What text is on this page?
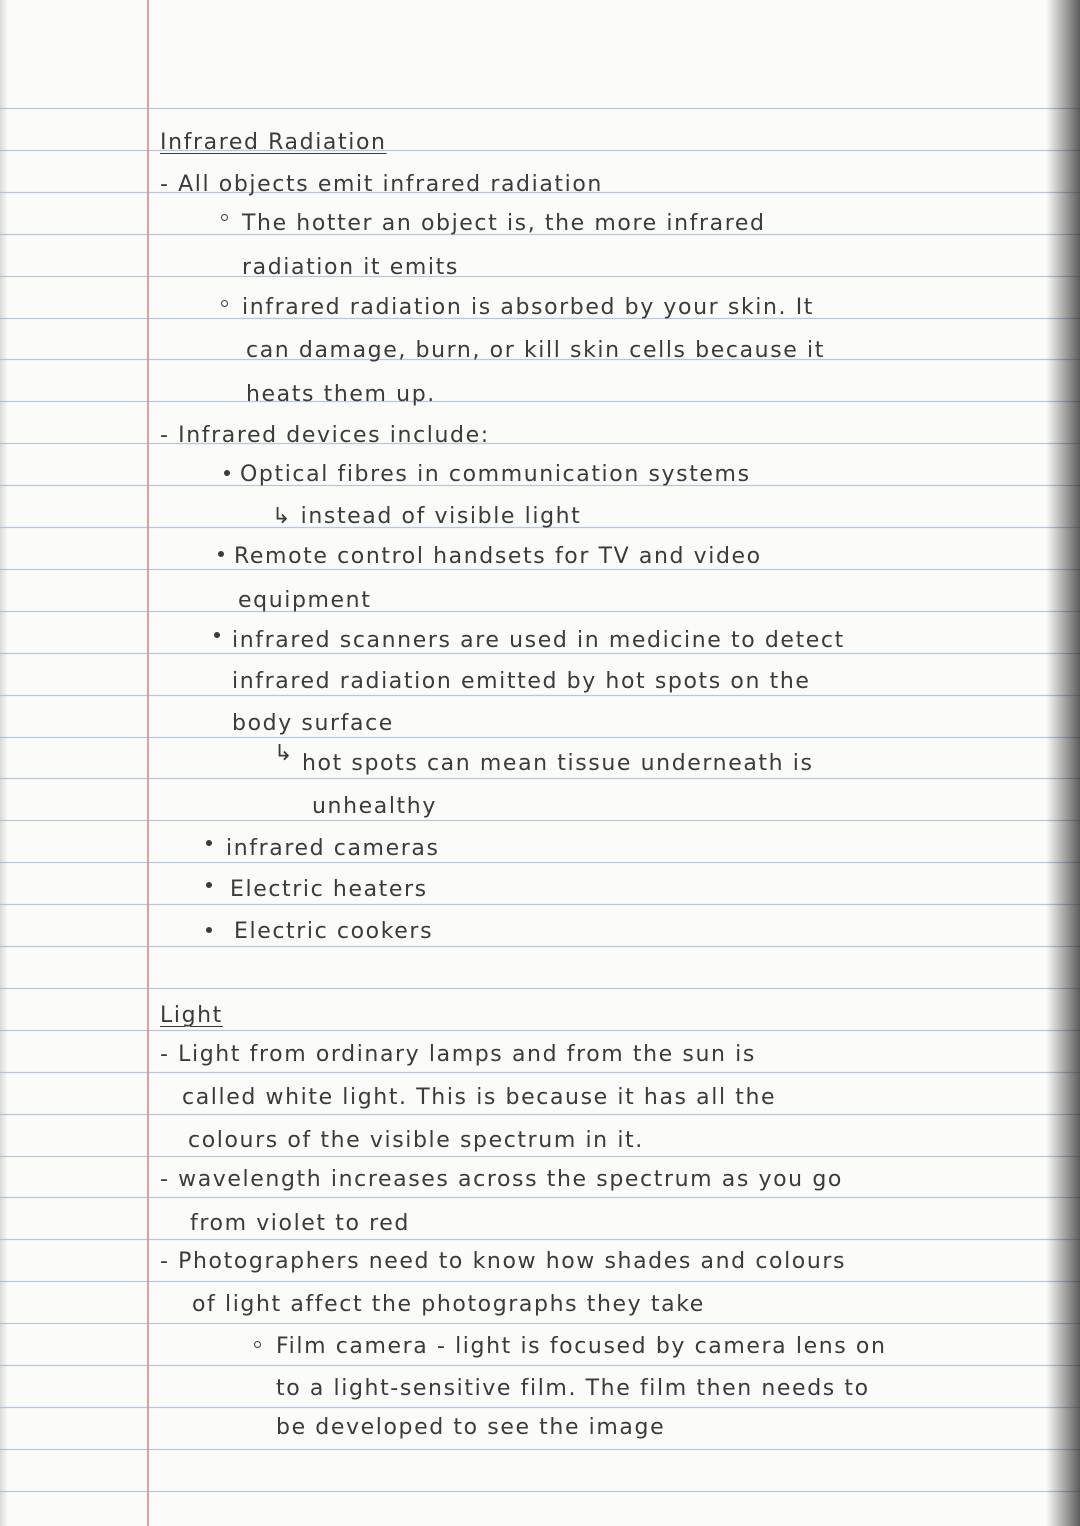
Infrared Radiation
- All objects emit infrared radiation
The hotter an object is, the more infrared
radiation it emits
infrared radiation is absorbed by your skin. It
can damage, burn, or kill skin cells because it
heats them up.
- Infrared devices include:
Optical fibres in communication systems
↳ instead of visible light
Remote control handsets for TV and video
equipment
infrared scanners are used in medicine to detect
infrared radiation emitted by hot spots on the
body surface
↳ hot spots can mean tissue underneath is
unhealthy
infrared cameras
Electric heaters
Electric cookers
Light
- Light from ordinary lamps and from the sun is
called white light. This is because it has all the
colours of the visible spectrum in it.
- wavelength increases across the spectrum as you go
from violet to red
- Photographers need to know how shades and colours
of light affect the photographs they take
Film camera - light is focused by camera lens on
to a light-sensitive film. The film then needs to
be developed to see the image
